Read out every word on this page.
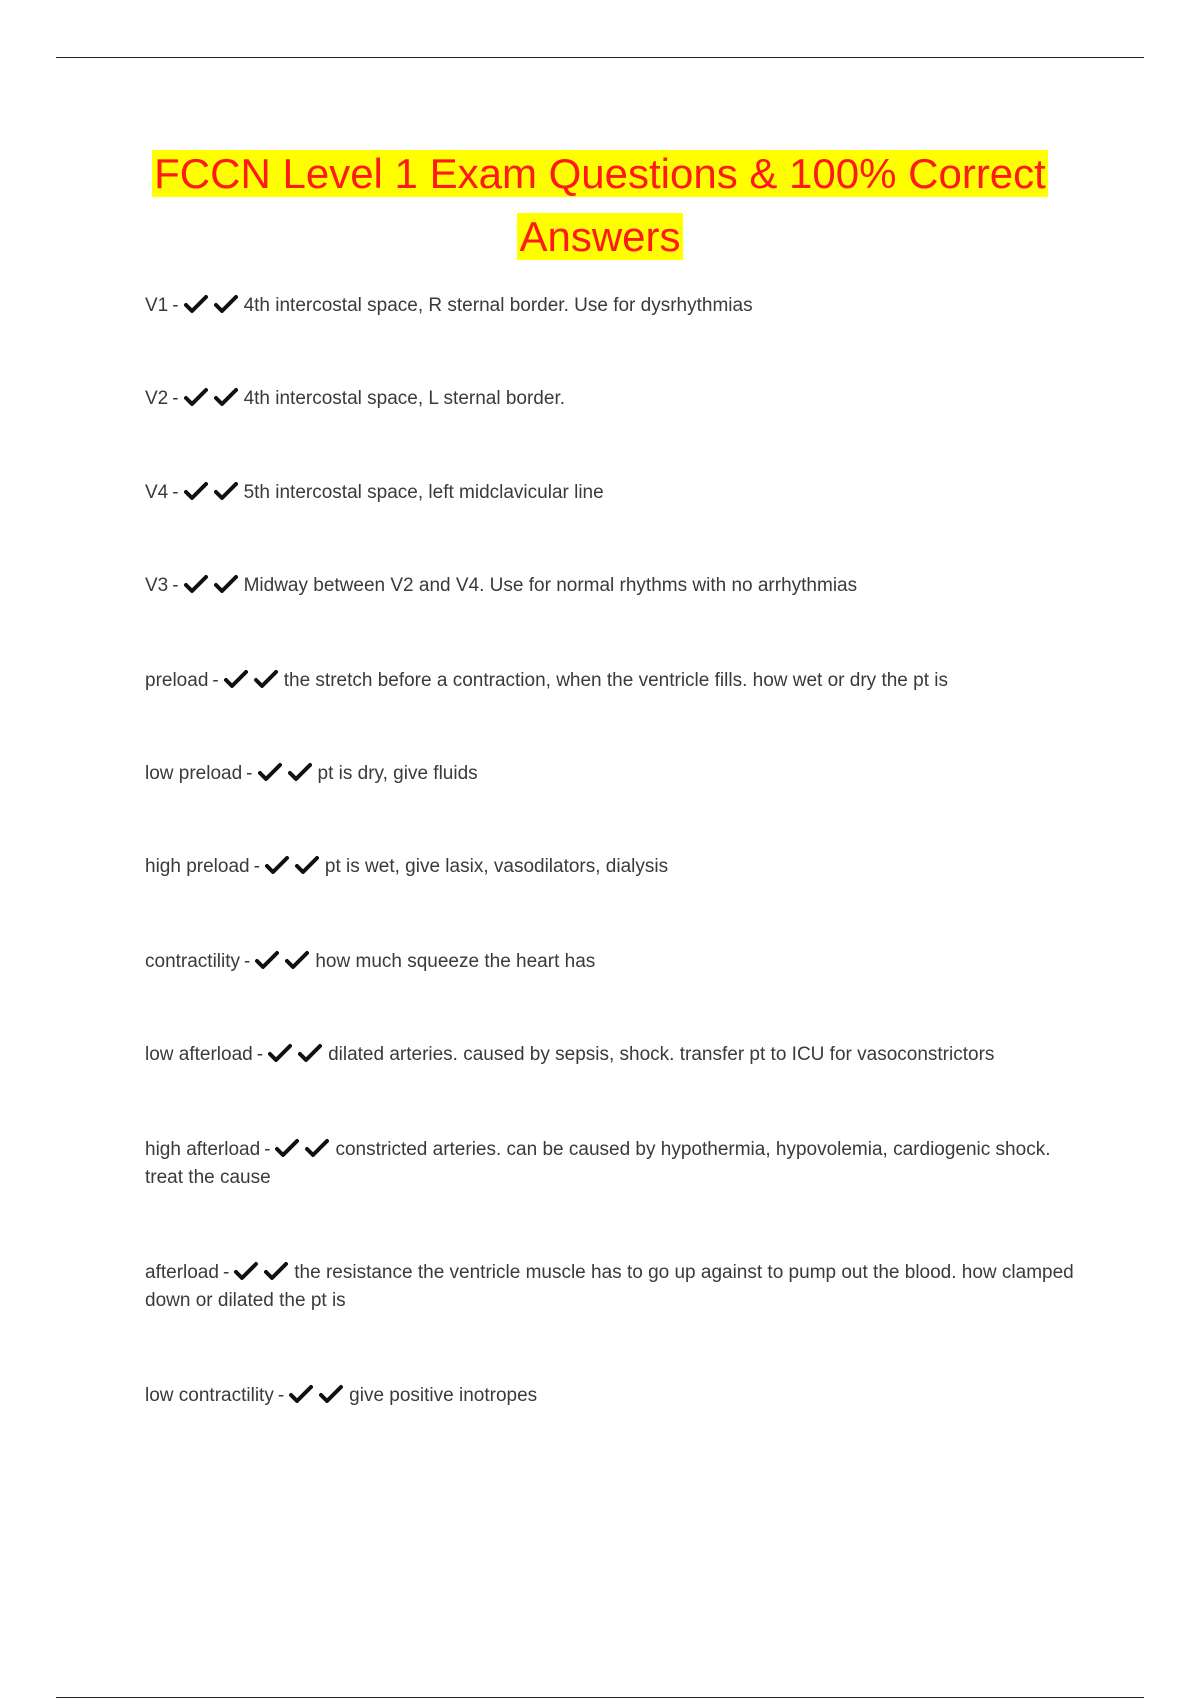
FCCN Level 1 Exam Questions & 100% Correct
Answers
V1 -	4th intercostal space, R sternal border. Use for dysrhythmias
V2 -	4th intercostal space, L sternal border.
V4 -	5th intercostal space, left midclavicular line
V3 -	Midway between V2 and V4. Use for normal rhythms with no arrhythmias
preload -	the stretch before a contraction, when the ventricle fills. how wet or dry the pt is
low preload -	pt is dry, give fluids
high preload -	pt is wet, give lasix, vasodilators, dialysis
contractility -	how much squeeze the heart has
low afterload -	dilated arteries. caused by sepsis, shock. transfer pt to ICU for vasoconstrictors
high afterload -	constricted arteries. can be caused by hypothermia, hypovolemia, cardiogenic shock. treat the cause
afterload -	the resistance the ventricle muscle has to go up against to pump out the blood. how clamped down or dilated the pt is
low contractility -	give positive inotropes
